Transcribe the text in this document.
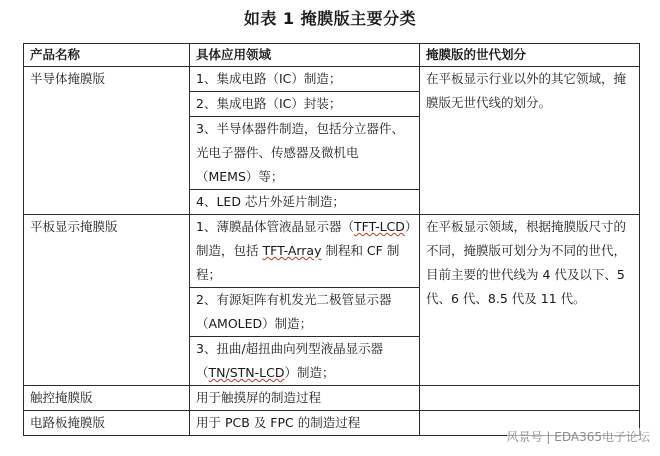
如表 1 掩膜版主要分类
产品名称	具体应用领域	掩膜版的世代划分
半导体掩膜版	1、集成电路（IC）制造；	在平板显示行业以外的其它领域，掩膜版无世代线的划分。
	2、集成电路（IC）封装；	
	3、半导体器件制造，包括分立器件、光电子器件、传感器及微机电（MEMS）等；	
	4、LED 芯片外延片制造；	
平板显示掩膜版	1、薄膜晶体管液晶显示器（TFT-LCD）制造，包括 TFT-Array 制程和 CF 制程；	在平板显示领域，根据掩膜版尺寸的不同，掩膜版可划分为不同的世代，目前主要的世代线为 4 代及以下、5 代、6 代、8.5 代及 11 代。
	2、有源矩阵有机发光二极管显示器（AMOLED）制造；	
	3、扭曲/超扭曲向列型液晶显示器（TN/STN-LCD）制造；	
触控掩膜版	用于触摸屏的制造过程	
电路板掩膜版	用于 PCB 及 FPC 的制造过程	
风景号 | EDA365电子论坛
